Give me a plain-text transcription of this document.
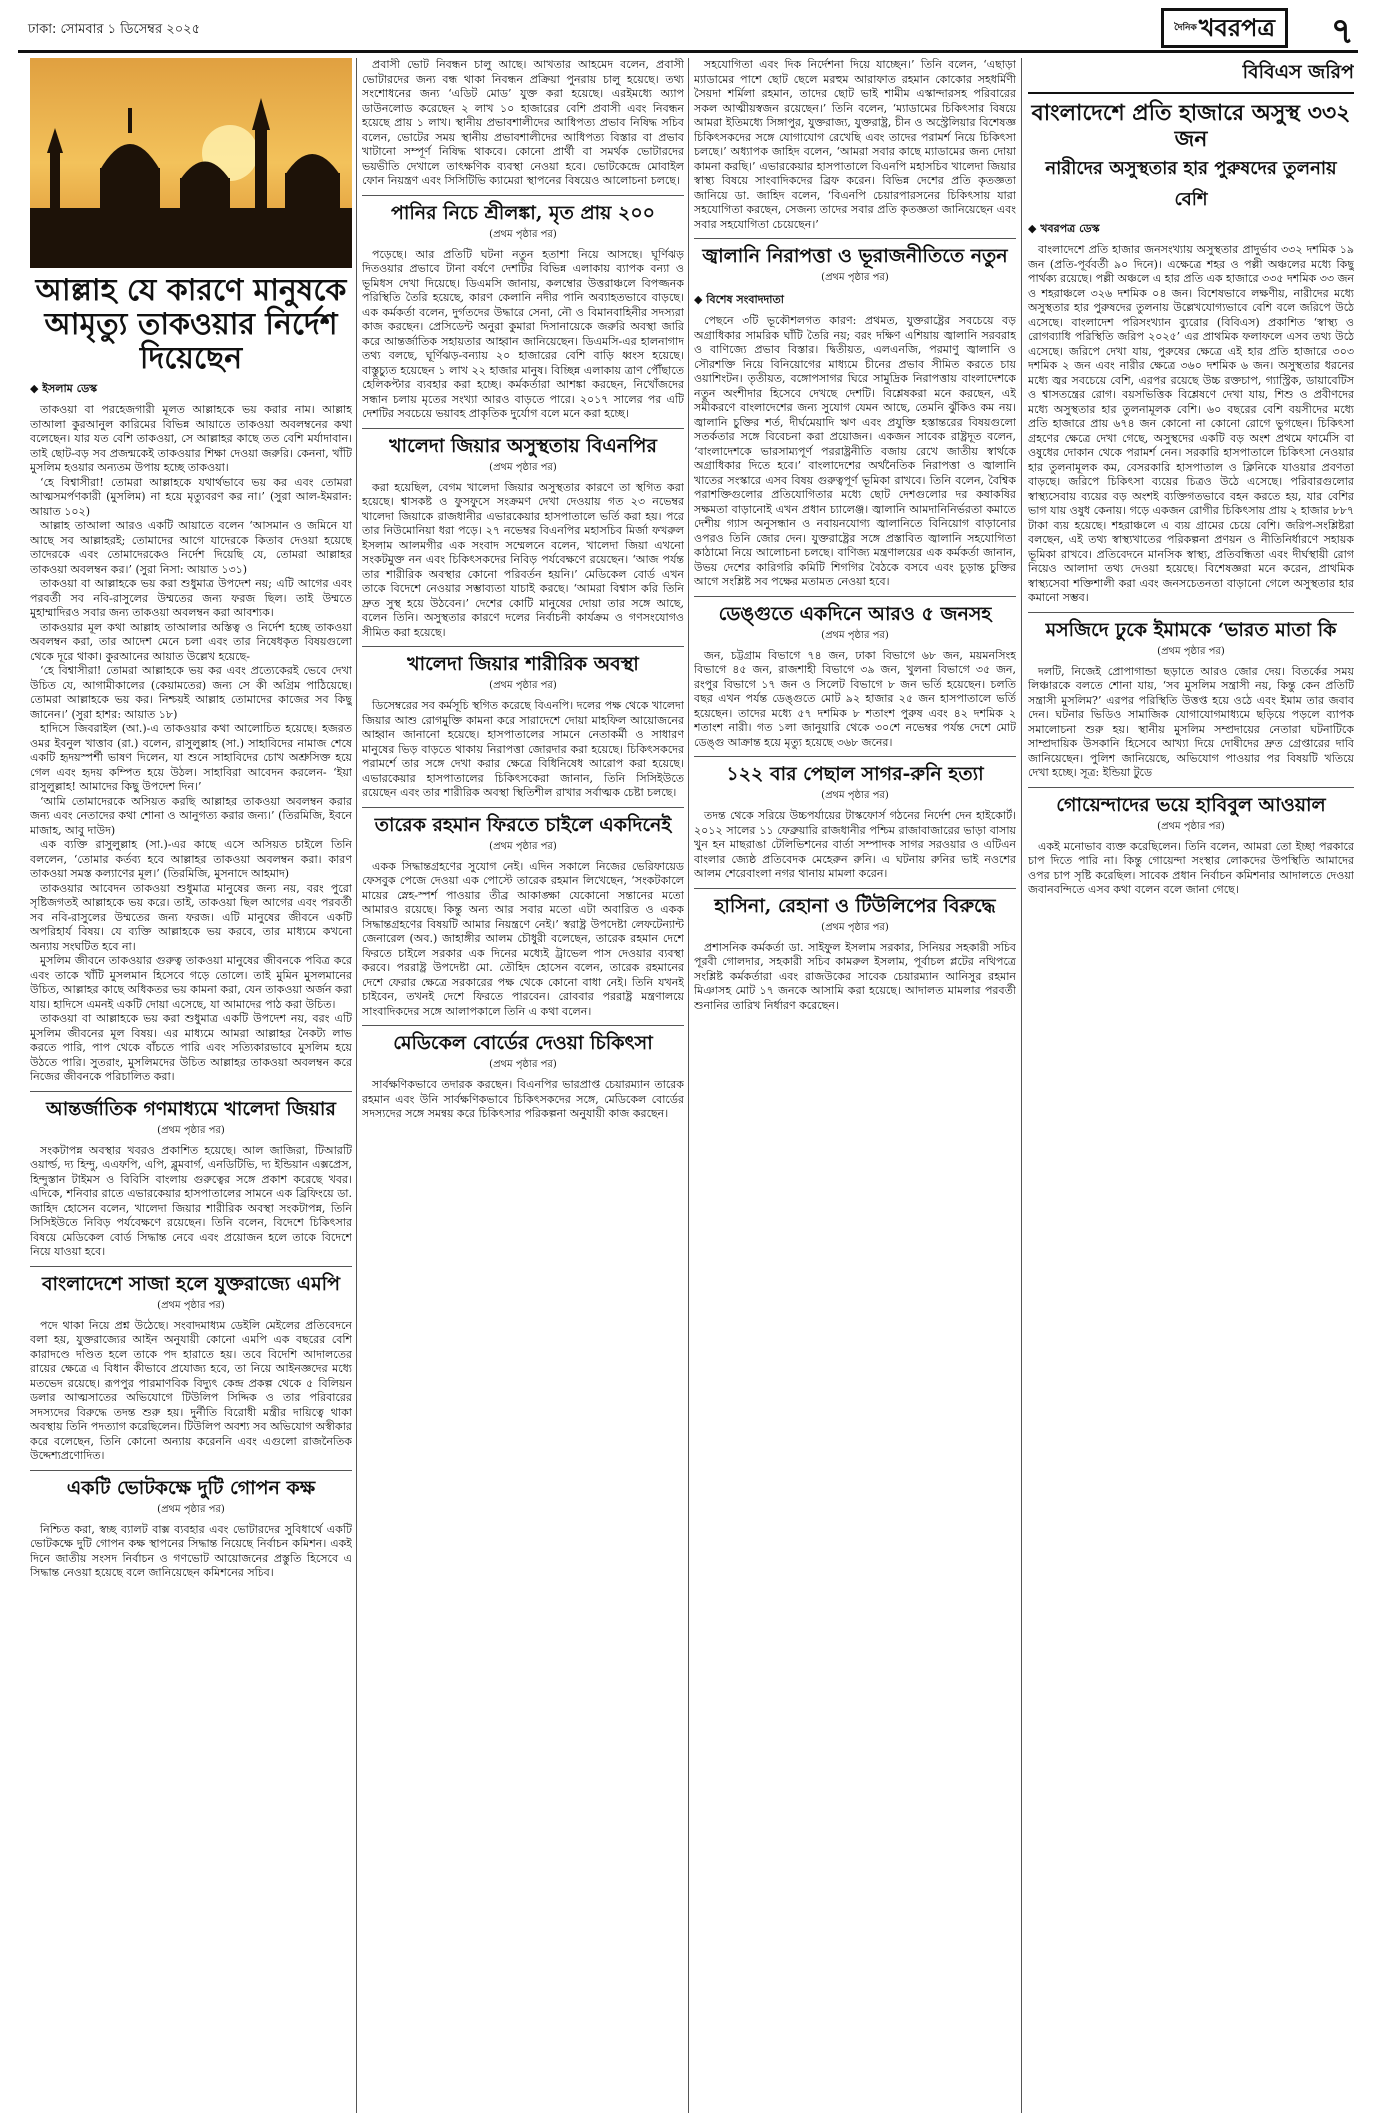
ঢাকা: সোমবার ১ ডিসেম্বর ২০২৫	$^{দৈনিক}$খবরপত্র	৭
আল্লাহ যে কারণে মানুষকে আমৃত্যু তাকওয়ার নির্দেশ দিয়েছেন
◆ ইসলাম ডেস্ক

তাকওয়া বা পরহেজগারী মূলত আল্লাহকে ভয় করার নাম। আল্লাহ তাআলা কুরআনুল কারিমের বিভিন্ন আয়াতে তাকওয়া অবলম্বনের কথা বলেছেন। যার যত বেশি তাকওয়া, সে আল্লাহর কাছে তত বেশি মর্যাদাবান। তাই ছোট-বড় সব প্রজন্মকেই তাকওয়ার শিক্ষা দেওয়া জরুরি। কেননা, খাঁটি মুসলিম হওয়ার অন্যতম উপায় হচ্ছে তাকওয়া।

‘হে বিশ্বাসীরা! তোমরা আল্লাহকে যথার্থভাবে ভয় কর এবং তোমরা আত্মসমর্পণকারী (মুসলিম) না হয়ে মৃত্যুবরণ কর না।’ (সুরা আল-ইমরান: আয়াত ১০২)

আল্লাহ তাআলা আরও একটি আয়াতে বলেন ‘আসমান ও জমিনে যা আছে সব আল্লাহরই; তোমাদের আগে যাদেরকে কিতাব দেওয়া হয়েছে তাদেরকে এবং তোমাদেরকেও নির্দেশ দিয়েছি যে, তোমরা আল্লাহর তাকওয়া অবলম্বন কর।’ (সুরা নিসা: আয়াত ১৩১)

তাকওয়া বা আল্লাহকে ভয় করা শুধুমাত্র উপদেশ নয়; এটি আগের এবং পরবর্তী সব নবি-রাসুলের উম্মতের জন্য ফরজ ছিল। তাই উম্মতে মুহাম্মাদিরও সবার জন্য তাকওয়া অবলম্বন করা আবশ্যক।

তাকওয়ার মূল কথা আল্লাহ তাআলার অস্তিত্ব ও নির্দেশ হচ্ছে তাকওয়া অবলম্বন করা, তার আদেশ মেনে চলা এবং তার নিষেধকৃত বিষয়গুলো থেকে দূরে থাকা। কুরআনের আয়াত উল্লেখ হয়েছে-

‘হে বিশ্বাসীরা! তোমরা আল্লাহকে ভয় কর এবং প্রত্যেকেরই ভেবে দেখা উচিত যে, আগামীকালের (কেয়ামতের) জন্য সে কী অগ্রিম পাঠিয়েছে। তোমরা আল্লাহকে ভয় কর। নিশ্চয়ই আল্লাহ তোমাদের কাজের সব কিছু জানেন।’ (সুরা হাশর: আয়াত ১৮)

হাদিসে জিবরাইল (আ.)-এ তাকওয়ার কথা আলোচিত হয়েছে। হজরত ওমর ইবনুল খাত্তাব (রা.) বলেন, রাসুলুল্লাহ (সা.) সাহাবিদের নামাজ শেষে একটি হৃদয়স্পর্শী ভাষণ দিলেন, যা শুনে সাহাবিদের চোখ অশ্রুসিক্ত হয়ে গেল এবং হৃদয় কম্পিত হয়ে উঠল। সাহাবিরা আবেদন করলেন- ‘ইয়া রাসুলুল্লাহ! আমাদের কিছু উপদেশ দিন।’

‘আমি তোমাদেরকে অসিয়ত করছি আল্লাহর তাকওয়া অবলম্বন করার জন্য এবং নেতাদের কথা শোনা ও আনুগত্য করার জন্য।’ (তিরমিজি, ইবনে মাজাহ, আবু দাউদ)

এক ব্যক্তি রাসুলুল্লাহ (সা.)-এর কাছে এসে অসিয়ত চাইলে তিনি বললেন, ‘তোমার কর্তব্য হবে আল্লাহর তাকওয়া অবলম্বন করা। কারণ তাকওয়া সমস্ত কল্যাণের মূল।’ (তিরমিজি, মুসনাদে আহমাদ)

তাকওয়ার আবেদন তাকওয়া শুধুমাত্র মানুষের জন্য নয়, বরং পুরো সৃষ্টিজগতই আল্লাহকে ভয় করে। তাই, তাকওয়া ছিল আগের এবং পরবর্তী সব নবি-রাসুলের উম্মতের জন্য ফরজ। এটি মানুষের জীবনে একটি অপরিহার্য বিষয়। যে ব্যক্তি আল্লাহকে ভয় করবে, তার মাধ্যমে কখনো অন্যায় সংঘটিত হবে না।

মুসলিম জীবনে তাকওয়ার গুরুত্ব তাকওয়া মানুষের জীবনকে পবিত্র করে এবং তাকে খাঁটি মুসলমান হিসেবে গড়ে তোলে। তাই মুমিন মুসলমানের উচিত, আল্লাহর কাছে অধিকতর ভয় কামনা করা, যেন তাকওয়া অর্জন করা যায়। হাদিসে এমনই একটি দোয়া এসেছে, যা আমাদের পাঠ করা উচিত।

তাকওয়া বা আল্লাহকে ভয় করা শুধুমাত্র একটি উপদেশ নয়, বরং এটি মুসলিম জীবনের মূল বিষয়। এর মাধ্যমে আমরা আল্লাহর নৈকট্য লাভ করতে পারি, পাপ থেকে বাঁচতে পারি এবং সত্যিকারভাবে মুসলিম হয়ে উঠতে পারি। সুতরাং, মুসলিমদের উচিত আল্লাহর তাকওয়া অবলম্বন করে নিজের জীবনকে পরিচালিত করা।

আন্তর্জাতিক গণমাধ্যমে খালেদা জিয়ার
( প্রথম পৃষ্ঠার পর )

সংকটাপন্ন অবস্থার খবরও প্রকাশিত হয়েছে। আল জাজিরা, টিআরটি ওয়ার্ল্ড, দ্য হিন্দু, এএফপি, এপি, ব্লুমবার্গ, এনডিটিভি, দ্য ইন্ডিয়ান এক্সপ্রেস, হিন্দুস্তান টাইমস ও বিবিসি বাংলায় গুরুত্বের সঙ্গে প্রকাশ করেছে খবর। এদিকে, শনিবার রাতে এভারকেয়ার হাসপাতালের সামনে এক ব্রিফিংয়ে ডা. জাহিদ হোসেন বলেন, খালেদা জিয়ার শারীরিক অবস্থা সংকটাপন্ন, তিনি সিসিইউতে নিবিড় পর্যবেক্ষণে রয়েছেন। তিনি বলেন, বিদেশে চিকিৎসার বিষয়ে মেডিকেল বোর্ড সিদ্ধান্ত নেবে এবং প্রয়োজন হলে তাকে বিদেশে নিয়ে যাওয়া হবে।

বাংলাদেশে সাজা হলে যুক্তরাজ্যে এমপি
( প্রথম পৃষ্ঠার পর )

পদে থাকা নিয়ে প্রশ্ন উঠেছে। সংবাদমাধ্যম ডেইলি মেইলের প্রতিবেদনে বলা হয়, যুক্তরাজ্যের আইন অনুযায়ী কোনো এমপি এক বছরের বেশি কারাদণ্ডে দণ্ডিত হলে তাকে পদ হারাতে হয়। তবে বিদেশি আদালতের রায়ের ক্ষেত্রে এ বিধান কীভাবে প্রযোজ্য হবে, তা নিয়ে আইনজ্ঞদের মধ্যে মতভেদ রয়েছে। রূপপুর পারমাণবিক বিদ্যুৎ কেন্দ্র প্রকল্প থেকে ৫ বিলিয়ন ডলার আত্মসাতের অভিযোগে টিউলিপ সিদ্দিক ও তার পরিবারের সদস্যদের বিরুদ্ধে তদন্ত শুরু হয়। দুর্নীতি বিরোধী মন্ত্রীর দায়িত্বে থাকা অবস্থায় তিনি পদত্যাগ করেছিলেন। টিউলিপ অবশ্য সব অভিযোগ অস্বীকার করে বলেছেন, তিনি কোনো অন্যায় করেননি এবং এগুলো রাজনৈতিক উদ্দেশ্যপ্রণোদিত।

একটি ভোটকক্ষে দুটি গোপন কক্ষ
( প্রথম পৃষ্ঠার পর )

নিশ্চিত করা, স্বচ্ছ ব্যালট বাক্স ব্যবহার এবং ভোটারদের সুবিধার্থে একটি ভোটকক্ষে দুটি গোপন কক্ষ স্থাপনের সিদ্ধান্ত নিয়েছে নির্বাচন কমিশন। একই দিনে জাতীয় সংসদ নির্বাচন ও গণভোট আয়োজনের প্রস্তুতি হিসেবে এ সিদ্ধান্ত নেওয়া হয়েছে বলে জানিয়েছেন কমিশনের সচিব।

প্রবাসী ভোট নিবন্ধন চালু আছে। আখতার আহমেদ বলেন, প্রবাসী ভোটারদের জন্য বন্ধ থাকা নিবন্ধন প্রক্রিয়া পুনরায় চালু হয়েছে। তথ্য সংশোধনের জন্য ‘এডিট মোড’ যুক্ত করা হয়েছে। এরইমধ্যে অ্যাপ ডাউনলোড করেছেন ২ লাখ ১০ হাজারের বেশি প্রবাসী এবং নিবন্ধন হয়েছে প্রায় ১ লাখ। স্থানীয় প্রভাবশালীদের আধিপত্য প্রভাব নিষিদ্ধ সচিব বলেন, ভোটের সময় স্থানীয় প্রভাবশালীদের আধিপত্য বিস্তার বা প্রভাব খাটানো সম্পূর্ণ নিষিদ্ধ থাকবে। কোনো প্রার্থী বা সমর্থক ভোটারদের ভয়ভীতি দেখালে তাৎক্ষণিক ব্যবস্থা নেওয়া হবে। ভোটকেন্দ্রে মোবাইল ফোন নিয়ন্ত্রণ এবং সিসিটিভি ক্যামেরা স্থাপনের বিষয়েও আলোচনা চলছে।

পানির নিচে শ্রীলঙ্কা, মৃত প্রায় ২০০
( প্রথম পৃষ্ঠার পর )

পড়েছে। আর প্রতিটি ঘটনা নতুন হতাশা নিয়ে আসছে। ঘূর্ণিঝড় দিতওয়ার প্রভাবে টানা বর্ষণে দেশটির বিভিন্ন এলাকায় ব্যাপক বন্যা ও ভূমিধস দেখা দিয়েছে। ডিএমসি জানায়, কলম্বোর উত্তরাঞ্চলে বিপজ্জনক পরিস্থিতি তৈরি হয়েছে, কারণ কেলানি নদীর পানি অব্যাহতভাবে বাড়ছে। এক কর্মকর্তা বলেন, দুর্গতদের উদ্ধারে সেনা, নৌ ও বিমানবাহিনীর সদস্যরা কাজ করছেন। প্রেসিডেন্ট অনুরা কুমারা দিসানায়েকে জরুরি অবস্থা জারি করে আন্তর্জাতিক সহায়তার আহ্বান জানিয়েছেন। ডিএমসি-এর হালনাগাদ তথ্য বলছে, ঘূর্ণিঝড়-বন্যায় ২০ হাজারের বেশি বাড়ি ধ্বংস হয়েছে। বাস্তুচ্যুত হয়েছেন ১ লাখ ২২ হাজার মানুষ। বিচ্ছিন্ন এলাকায় ত্রাণ পৌঁছাতে হেলিকপ্টার ব্যবহার করা হচ্ছে। কর্মকর্তারা আশঙ্কা করছেন, নিখোঁজদের সন্ধান চলায় মৃতের সংখ্যা আরও বাড়তে পারে। ২০১৭ সালের পর এটি দেশটির সবচেয়ে ভয়াবহ প্রাকৃতিক দুর্যোগ বলে মনে করা হচ্ছে।

খালেদা জিয়ার অসুস্থতায় বিএনপির
( প্রথম পৃষ্ঠার পর )

করা হয়েছিল, বেগম খালেদা জিয়ার অসুস্থতার কারণে তা স্থগিত করা হয়েছে। শ্বাসকষ্ট ও ফুসফুসে সংক্রমণ দেখা দেওয়ায় গত ২৩ নভেম্বর খালেদা জিয়াকে রাজধানীর এভারকেয়ার হাসপাতালে ভর্তি করা হয়। পরে তার নিউমোনিয়া ধরা পড়ে। ২৭ নভেম্বর বিএনপির মহাসচিব মির্জা ফখরুল ইসলাম আলমগীর এক সংবাদ সম্মেলনে বলেন, খালেদা জিয়া এখনো সংকটমুক্ত নন এবং চিকিৎসকদের নিবিড় পর্যবেক্ষণে রয়েছেন। ‘আজ পর্যন্ত তার শারীরিক অবস্থার কোনো পরিবর্তন হয়নি।’ মেডিকেল বোর্ড এখন তাকে বিদেশে নেওয়ার সম্ভাব্যতা যাচাই করছে। ‘আমরা বিশ্বাস করি তিনি দ্রুত সুস্থ হয়ে উঠবেন।’ দেশের কোটি মানুষের দোয়া তার সঙ্গে আছে, বলেন তিনি। অসুস্থতার কারণে দলের নির্বাচনী কার্যক্রম ও গণসংযোগও সীমিত করা হয়েছে।

খালেদা জিয়ার শারীরিক অবস্থা
( প্রথম পৃষ্ঠার পর )

ডিসেম্বরের সব কর্মসূচি স্থগিত করেছে বিএনপি। দলের পক্ষ থেকে খালেদা জিয়ার আশু রোগমুক্তি কামনা করে সারাদেশে দোয়া মাহফিল আয়োজনের আহ্বান জানানো হয়েছে। হাসপাতালের সামনে নেতাকর্মী ও সাধারণ মানুষের ভিড় বাড়তে থাকায় নিরাপত্তা জোরদার করা হয়েছে। চিকিৎসকদের পরামর্শে তার সঙ্গে দেখা করার ক্ষেত্রে বিধিনিষেধ আরোপ করা হয়েছে। এভারকেয়ার হাসপাতালের চিকিৎসকেরা জানান, তিনি সিসিইউতে রয়েছেন এবং তার শারীরিক অবস্থা স্থিতিশীল রাখার সর্বাত্মক চেষ্টা চলছে।

তারেক রহমান ফিরতে চাইলে একদিনেই
( প্রথম পৃষ্ঠার পর )

একক সিদ্ধান্তগ্রহণের সুযোগ নেই। এদিন সকালে নিজের ভেরিফায়েড ফেসবুক পেজে দেওয়া এক পোস্টে তারেক রহমান লিখেছেন, ‘সংকটকালে মায়ের স্নেহ-স্পর্শ পাওয়ার তীব্র আকাঙ্ক্ষা যেকোনো সন্তানের মতো আমারও রয়েছে। কিন্তু অন্য আর সবার মতো এটা অবারিত ও একক সিদ্ধান্তগ্রহণের বিষয়টি আমার নিয়ন্ত্রণে নেই।’ স্বরাষ্ট্র উপদেষ্টা লেফটেন্যান্ট জেনারেল (অব.) জাহাঙ্গীর আলম চৌধুরী বলেছেন, তারেক রহমান দেশে ফিরতে চাইলে সরকার এক দিনের মধ্যেই ট্রাভেল পাস দেওয়ার ব্যবস্থা করবে। পররাষ্ট্র উপদেষ্টা মো. তৌহিদ হোসেন বলেন, তারেক রহমানের দেশে ফেরার ক্ষেত্রে সরকারের পক্ষ থেকে কোনো বাধা নেই। তিনি যখনই চাইবেন, তখনই দেশে ফিরতে পারবেন। রোববার পররাষ্ট্র মন্ত্রণালয়ে সাংবাদিকদের সঙ্গে আলাপকালে তিনি এ কথা বলেন।

মেডিকেল বোর্ডের দেওয়া চিকিৎসা
( প্রথম পৃষ্ঠার পর )

সার্বক্ষণিকভাবে তদারক করছেন। বিএনপির ভারপ্রাপ্ত চেয়ারম্যান তারেক রহমান এবং উনি সার্বক্ষণিকভাবে চিকিৎসকদের সঙ্গে, মেডিকেল বোর্ডের সদস্যদের সঙ্গে সমন্বয় করে চিকিৎসার পরিকল্পনা অনুযায়ী কাজ করছেন।

সহযোগিতা এবং দিক নির্দেশনা দিয়ে যাচ্ছেন।’ তিনি বলেন, ‘এছাড়া ম্যাডামের পাশে ছোট ছেলে মরহুম আরাফাত রহমান কোকোর সহধর্মিণী সৈয়দা শর্মিলা রহমান, তাদের ছোট ভাই শামীম এস্কান্দারসহ পরিবারের সকল আত্মীয়স্বজন রয়েছেন।’ তিনি বলেন, ‘ম্যাডামের চিকিৎসার বিষয়ে আমরা ইতিমধ্যে সিঙ্গাপুর, যুক্তরাজ্য, যুক্তরাষ্ট্র, চীন ও অস্ট্রেলিয়ার বিশেষজ্ঞ চিকিৎসকদের সঙ্গে যোগাযোগ রেখেছি এবং তাদের পরামর্শ নিয়ে চিকিৎসা চলছে।’ অধ্যাপক জাহিদ বলেন, ‘আমরা সবার কাছে ম্যাডামের জন্য দোয়া কামনা করছি।’ এভারকেয়ার হাসপাতালে বিএনপি মহাসচিব খালেদা জিয়ার স্বাস্থ্য বিষয়ে সাংবাদিকদের ব্রিফ করেন। বিভিন্ন দেশের প্রতি কৃতজ্ঞতা জানিয়ে ডা. জাহিদ বলেন, ‘বিএনপি চেয়ারপারসনের চিকিৎসায় যারা সহযোগিতা করছেন, সেজন্য তাদের সবার প্রতি কৃতজ্ঞতা জানিয়েছেন এবং সবার সহযোগিতা চেয়েছেন।’

জ্বালানি নিরাপত্তা ও ভূরাজনীতিতে নতুন
( প্রথম পৃষ্ঠার পর )
◆ বিশেষ সংবাদদাতা

পেছনে ৩টি ভূকৌশলগত কারণ: প্রথমত, যুক্তরাষ্ট্রের সবচেয়ে বড় অগ্রাধিকার সামরিক ঘাঁটি তৈরি নয়; বরং দক্ষিণ এশিয়ায় জ্বালানি সরবরাহ ও বাণিজ্যে প্রভাব বিস্তার। দ্বিতীয়ত, এলএনজি, পরমাণু জ্বালানি ও সৌরশক্তি নিয়ে বিনিয়োগের মাধ্যমে চীনের প্রভাব সীমিত করতে চায় ওয়াশিংটন। তৃতীয়ত, বঙ্গোপসাগর ঘিরে সামুদ্রিক নিরাপত্তায় বাংলাদেশকে নতুন অংশীদার হিসেবে দেখছে দেশটি। বিশ্লেষকরা মনে করছেন, এই সমীকরণে বাংলাদেশের জন্য সুযোগ যেমন আছে, তেমনি ঝুঁকিও কম নয়। জ্বালানি চুক্তির শর্ত, দীর্ঘমেয়াদি ঋণ এবং প্রযুক্তি হস্তান্তরের বিষয়গুলো সতর্কতার সঙ্গে বিবেচনা করা প্রয়োজন। একজন সাবেক রাষ্ট্রদূত বলেন, ‘বাংলাদেশকে ভারসাম্যপূর্ণ পররাষ্ট্রনীতি বজায় রেখে জাতীয় স্বার্থকে অগ্রাধিকার দিতে হবে।’ বাংলাদেশের অর্থনৈতিক নিরাপত্তা ও জ্বালানি খাতের সংস্কারে এসব বিষয় গুরুত্বপূর্ণ ভূমিকা রাখবে। তিনি বলেন, বৈশ্বিক পরাশক্তিগুলোর প্রতিযোগিতার মধ্যে ছোট দেশগুলোর দর কষাকষির সক্ষমতা বাড়ানোই এখন প্রধান চ্যালেঞ্জ। জ্বালানি আমদানিনির্ভরতা কমাতে দেশীয় গ্যাস অনুসন্ধান ও নবায়নযোগ্য জ্বালানিতে বিনিয়োগ বাড়ানোর ওপরও তিনি জোর দেন। যুক্তরাষ্ট্রের সঙ্গে প্রস্তাবিত জ্বালানি সহযোগিতা কাঠামো নিয়ে আলোচনা চলছে। বাণিজ্য মন্ত্রণালয়ের এক কর্মকর্তা জানান, উভয় দেশের কারিগরি কমিটি শিগগির বৈঠকে বসবে এবং চূড়ান্ত চুক্তির আগে সংশ্লিষ্ট সব পক্ষের মতামত নেওয়া হবে।

ডেঙ্গুতে একদিনে আরও ৫ জনসহ
( প্রথম পৃষ্ঠার পর )

জন, চট্টগ্রাম বিভাগে ৭৪ জন, ঢাকা বিভাগে ৬৮ জন, ময়মনসিংহ বিভাগে ৪৫ জন, রাজশাহী বিভাগে ৩৯ জন, খুলনা বিভাগে ৩৫ জন, রংপুর বিভাগে ১৭ জন ও সিলেট বিভাগে ৮ জন ভর্তি হয়েছেন। চলতি বছর এখন পর্যন্ত ডেঙ্গুতে মোট ৯২ হাজার ২৫ জন হাসপাতালে ভর্তি হয়েছেন। তাদের মধ্যে ৫৭ দশমিক ৮ শতাংশ পুরুষ এবং ৪২ দশমিক ২ শতাংশ নারী। গত ১লা জানুয়ারি থেকে ৩০শে নভেম্বর পর্যন্ত দেশে মোট ডেঙ্গু আক্রান্ত হয়ে মৃত্যু হয়েছে ৩৬৮ জনের।

১২২ বার পেছাল সাগর-রুনি হত্যা
( প্রথম পৃষ্ঠার পর )

তদন্ত থেকে সরিয়ে উচ্চপর্যায়ের টাস্কফোর্স গঠনের নির্দেশ দেন হাইকোর্ট। ২০১২ সালের ১১ ফেব্রুয়ারি রাজধানীর পশ্চিম রাজাবাজারের ভাড়া বাসায় খুন হন মাছরাঙা টেলিভিশনের বার্তা সম্পাদক সাগর সরওয়ার ও এটিএন বাংলার জ্যেষ্ঠ প্রতিবেদক মেহেরুন রুনি। এ ঘটনায় রুনির ভাই নওশের আলম শেরেবাংলা নগর থানায় মামলা করেন।

হাসিনা, রেহানা ও টিউলিপের বিরুদ্ধে
( প্রথম পৃষ্ঠার পর )

প্রশাসনিক কর্মকর্তা ডা. সাইফুল ইসলাম সরকার, সিনিয়র সহকারী সচিব পূরবী গোলদার, সহকারী সচিব কামরুল ইসলাম, পূর্বাচল প্লটের নথিপত্রে সংশ্লিষ্ট কর্মকর্তারা এবং রাজউকের সাবেক চেয়ারম্যান আনিসুর রহমান মিঞাসহ মোট ১৭ জনকে আসামি করা হয়েছে। আদালত মামলার পরবর্তী শুনানির তারিখ নির্ধারণ করেছেন।

বিবিএস জরিপ
বাংলাদেশে প্রতি হাজারে অসুস্থ ৩৩২ জন
নারীদের অসুস্থতার হার পুরুষদের তুলনায় বেশি
◆ খবরপত্র ডেস্ক

বাংলাদেশে প্রতি হাজার জনসংখ্যায় অসুস্থতার প্রাদুর্ভাব ৩৩২ দশমিক ১৯ জন (প্রতি-পূর্ববর্তী ৯০ দিনে)। এক্ষেত্রে শহর ও পল্লী অঞ্চলের মধ্যে কিছু পার্থক্য রয়েছে। পল্লী অঞ্চলে এ হার প্রতি এক হাজারে ৩৩৫ দশমিক ৩৩ জন ও শহরাঞ্চলে ৩২৬ দশমিক ০৪ জন। বিশেষভাবে লক্ষণীয়, নারীদের মধ্যে অসুস্থতার হার পুরুষদের তুলনায় উল্লেখযোগ্যভাবে বেশি বলে জরিপে উঠে এসেছে। বাংলাদেশ পরিসংখ্যান ব্যুরোর (বিবিএস) প্রকাশিত ‘স্বাস্থ্য ও রোগব্যাধি পরিস্থিতি জরিপ ২০২৫’ এর প্রাথমিক ফলাফলে এসব তথ্য উঠে এসেছে। জরিপে দেখা যায়, পুরুষের ক্ষেত্রে এই হার প্রতি হাজারে ৩০৩ দশমিক ২ জন এবং নারীর ক্ষেত্রে ৩৬০ দশমিক ৬ জন। অসুস্থতার ধরনের মধ্যে জ্বর সবচেয়ে বেশি, এরপর রয়েছে উচ্চ রক্তচাপ, গ্যাস্ট্রিক, ডায়াবেটিস ও শ্বাসতন্ত্রের রোগ। বয়সভিত্তিক বিশ্লেষণে দেখা যায়, শিশু ও প্রবীণদের মধ্যে অসুস্থতার হার তুলনামূলক বেশি। ৬০ বছরের বেশি বয়সীদের মধ্যে প্রতি হাজারে প্রায় ৬৭৪ জন কোনো না কোনো রোগে ভুগছেন। চিকিৎসা গ্রহণের ক্ষেত্রে দেখা গেছে, অসুস্থদের একটি বড় অংশ প্রথমে ফার্মেসি বা ওষুধের দোকান থেকে পরামর্শ নেন। সরকারি হাসপাতালে চিকিৎসা নেওয়ার হার তুলনামূলক কম, বেসরকারি হাসপাতাল ও ক্লিনিকে যাওয়ার প্রবণতা বাড়ছে। জরিপে চিকিৎসা ব্যয়ের চিত্রও উঠে এসেছে। পরিবারগুলোর স্বাস্থ্যসেবায় ব্যয়ের বড় অংশই ব্যক্তিগতভাবে বহন করতে হয়, যার বেশির ভাগ যায় ওষুধ কেনায়। গড়ে একজন রোগীর চিকিৎসায় প্রায় ২ হাজার ৮৮৭ টাকা ব্যয় হয়েছে। শহরাঞ্চলে এ ব্যয় গ্রামের চেয়ে বেশি। জরিপ-সংশ্লিষ্টরা বলছেন, এই তথ্য স্বাস্থ্যখাতের পরিকল্পনা প্রণয়ন ও নীতিনির্ধারণে সহায়ক ভূমিকা রাখবে। প্রতিবেদনে মানসিক স্বাস্থ্য, প্রতিবন্ধিতা এবং দীর্ঘস্থায়ী রোগ নিয়েও আলাদা তথ্য দেওয়া হয়েছে। বিশেষজ্ঞরা মনে করেন, প্রাথমিক স্বাস্থ্যসেবা শক্তিশালী করা এবং জনসচেতনতা বাড়ানো গেলে অসুস্থতার হার কমানো সম্ভব।

মসজিদে ঢুকে ইমামকে ‘ভারত মাতা কি
( প্রথম পৃষ্ঠার পর )

দলটি, নিজেই প্রোপাগান্ডা ছড়াতে আরও জোর দেয়। বিতর্কের সময় লিঞ্চারকে বলতে শোনা যায়, ‘সব মুসলিম সন্ত্রাসী নয়, কিন্তু কেন প্রতিটি সন্ত্রাসী মুসলিম?’ এরপর পরিস্থিতি উত্তপ্ত হয়ে ওঠে এবং ইমাম তার জবাব দেন। ঘটনার ভিডিও সামাজিক যোগাযোগমাধ্যমে ছড়িয়ে পড়লে ব্যাপক সমালোচনা শুরু হয়। স্থানীয় মুসলিম সম্প্রদায়ের নেতারা ঘটনাটিকে সাম্প্রদায়িক উসকানি হিসেবে আখ্যা দিয়ে দোষীদের দ্রুত গ্রেপ্তারের দাবি জানিয়েছেন। পুলিশ জানিয়েছে, অভিযোগ পাওয়ার পর বিষয়টি খতিয়ে দেখা হচ্ছে। সূত্র: ইন্ডিয়া টুডে

গোয়েন্দাদের ভয়ে হাবিবুল আওয়াল
( প্রথম পৃষ্ঠার পর )

একই মনোভাব ব্যক্ত করেছিলেন। তিনি বলেন, আমরা তো ইচ্ছা পরকারে চাপ দিতে পারি না। কিন্তু গোয়েন্দা সংস্থার লোকদের উপস্থিতি আমাদের ওপর চাপ সৃষ্টি করেছিল। সাবেক প্রধান নির্বাচন কমিশনার আদালতে দেওয়া জবানবন্দিতে এসব কথা বলেন বলে জানা গেছে।
